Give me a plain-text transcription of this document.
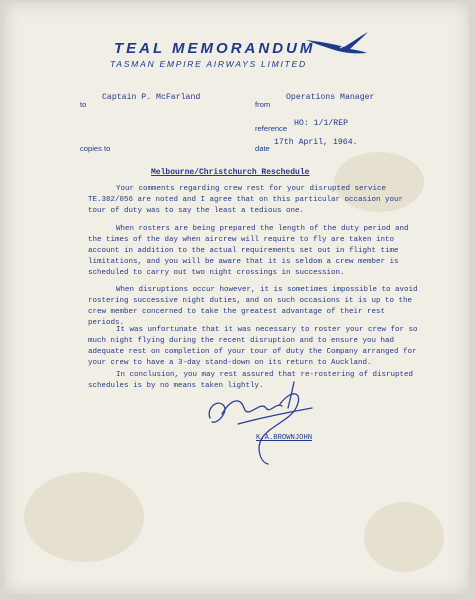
TEAL MEMORANDUM
TASMAN EMPIRE AIRWAYS LIMITED
to
Captain P. McFarland
from
Operations Manager
reference
HO: 1/1/REP
copies to	date
17th April, 1964.
Melbourne/Christchurch Reschedule

Your comments regarding crew rest for your disrupted service TE.382/056 are noted and I agree that on this particular occasion your tour of duty was to say the least a tedious one.

When rosters are being prepared the length of the duty period and the times of the day when aircrew will require to fly are taken into account in addition to the actual requirements set out in flight time limitations, and you will be aware that it is seldom a crew member is scheduled to carry out two night crossings in succession.

When disruptions occur however, it is sometimes impossible to avoid rostering successive night duties, and on such occasions it is up to the crew member concerned to take the greatest advantage of their rest periods.

It was unfortunate that it was necessary to roster your crew for so much night flying during the recent disruption and to ensure you had adequate rest on completion of your tour of duty the Company arranged for your crew to have a 3-day stand-down on its return to Auckland.

In conclusion, you may rest assured that re-rostering of disrupted schedules is by no means taken lightly.

K.A.BROWNJOHN
